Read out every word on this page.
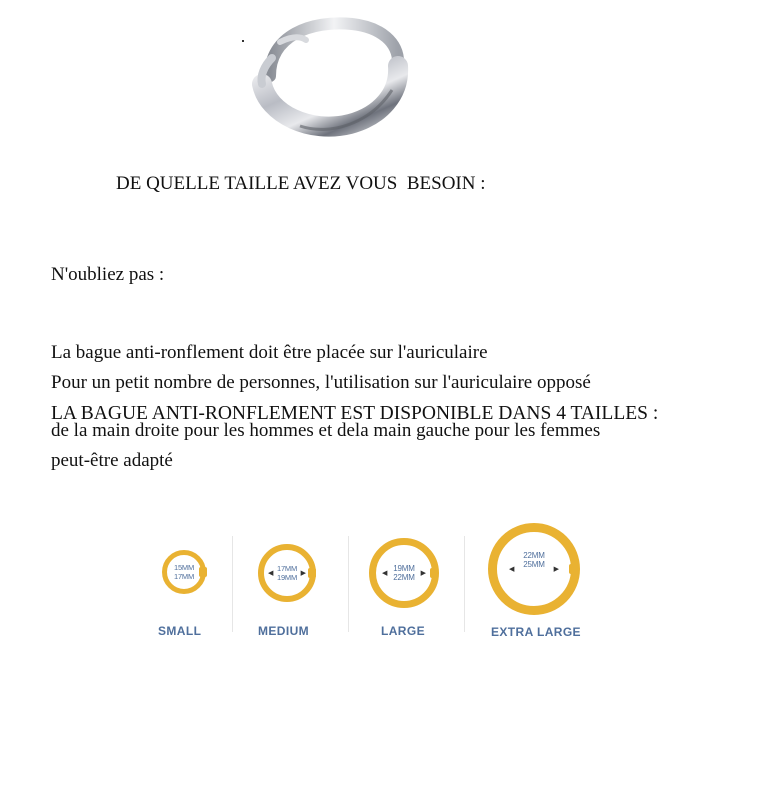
DE QUELLE TAILLE AVEZ VOUS  BESOIN :

N'oubliez pas :

La bague anti-ronflement doit être placée sur l'auriculaire

de la main droite pour les hommes et dela main gauche pour les femmes

Pour un petit nombre de personnes, l'utilisation sur l'auriculaire opposé

peut-être adapté

LA BAGUE ANTI-RONFLEMENT EST DISPONIBLE DANS 4 TAILLES :
15MM
17MM
SMALL
◀	▶
17MM
19MM
MEDIUM
◀	▶
19MM
22MM
LARGE
◀	▶
22MM
25MM
EXTRA LARGE
